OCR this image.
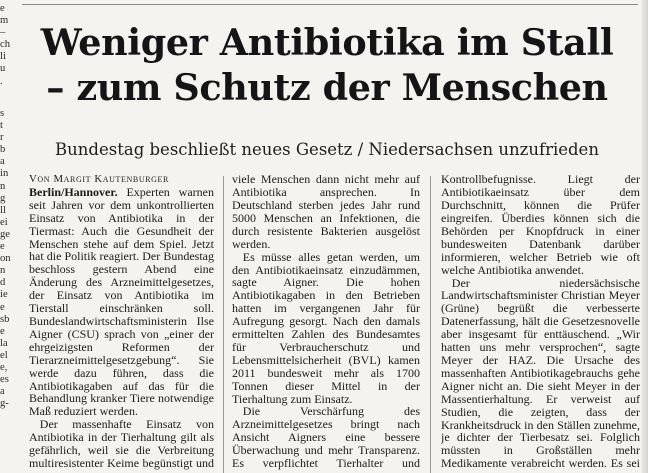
e
m
–
ch
li
u
.
s
t
r
b
a
in
n
g
ll
ei
ge
e
on
n
d
ie
e
sb
e
la
el
e,
es
a
g-
Weniger Antibiotika im Stall
– zum Schutz der Menschen
Bundestag beschließt neues Gesetz / Niedersachsen unzufrieden

Von Margit Kautenburger

Berlin/Hannover. Experten warnen seit Jahren vor dem unkontrollierten Einsatz von Antibiotika in der Tiermast: Auch die Gesundheit der Menschen stehe auf dem Spiel. Jetzt hat die Politik reagiert. Der Bundestag beschloss gestern Abend eine Änderung des Arzneimittelgesetzes, der Einsatz von Antibiotika im Tierstall einschränken soll. Bundeslandwirtschaftsministerin Ilse Aigner (CSU) sprach von „einer der ehrgeizigsten Reformen der Tierarzneimittelgesetzgebung“. Sie werde dazu führen, dass die Antibiotikagaben auf das für die Behandlung kranker Tiere notwendige Maß reduziert werden.

Der massenhafte Einsatz von Antibiotika in der Tierhaltung gilt als gefährlich, weil sie die Verbreitung multiresistenter Keime begünstigt und

viele Menschen dann nicht mehr auf Antibiotika ansprechen. In Deutschland sterben jedes Jahr rund 5000 Menschen an Infektionen, die durch resistente Bakterien ausgelöst werden.

Es müsse alles getan werden, um den Antibiotikaeinsatz einzudämmen, sagte Aigner. Die hohen Antibiotikagaben in den Betrieben hatten im vergangenen Jahr für Aufregung gesorgt. Nach den damals ermittelten Zahlen des Bundesamtes für Verbraucherschutz und Lebensmittelsicherheit (BVL) kamen 2011 bundesweit mehr als 1700 Tonnen dieser Mittel in der Tierhaltung zum Einsatz.

Die Verschärfung des Arzneimittelgesetzes bringt nach Ansicht Aigners eine bessere Überwachung und mehr Transparenz. Es verpflichtet Tierhalter und

Kontrollbefugnisse. Liegt der Antibiotikaeinsatz über dem Durchschnitt, können die Prüfer eingreifen. Überdies können sich die Behörden per Knopfdruck in einer bundesweiten Datenbank darüber informieren, welcher Betrieb wie oft welche Antibiotika anwendet.

Der niedersächsische Landwirtschaftsminister Christian Meyer (Grüne) begrüßt die verbesserte Datenerfassung, hält die Gesetzesnovelle aber insgesamt für enttäuschend. „Wir hatten uns mehr versprochen“, sagte Meyer der HAZ. Die Ursache des massenhaften Antibiotikagebrauchs gehe Aigner nicht an. Die sieht Meyer in der Massentierhaltung. Er verweist auf Studien, die zeigten, dass der Krankheitsdruck in den Ställen zunehme, je dichter der Tierbesatz sei. Folglich müssten in Großställen mehr Medikamente verabreicht werden. Es sei
